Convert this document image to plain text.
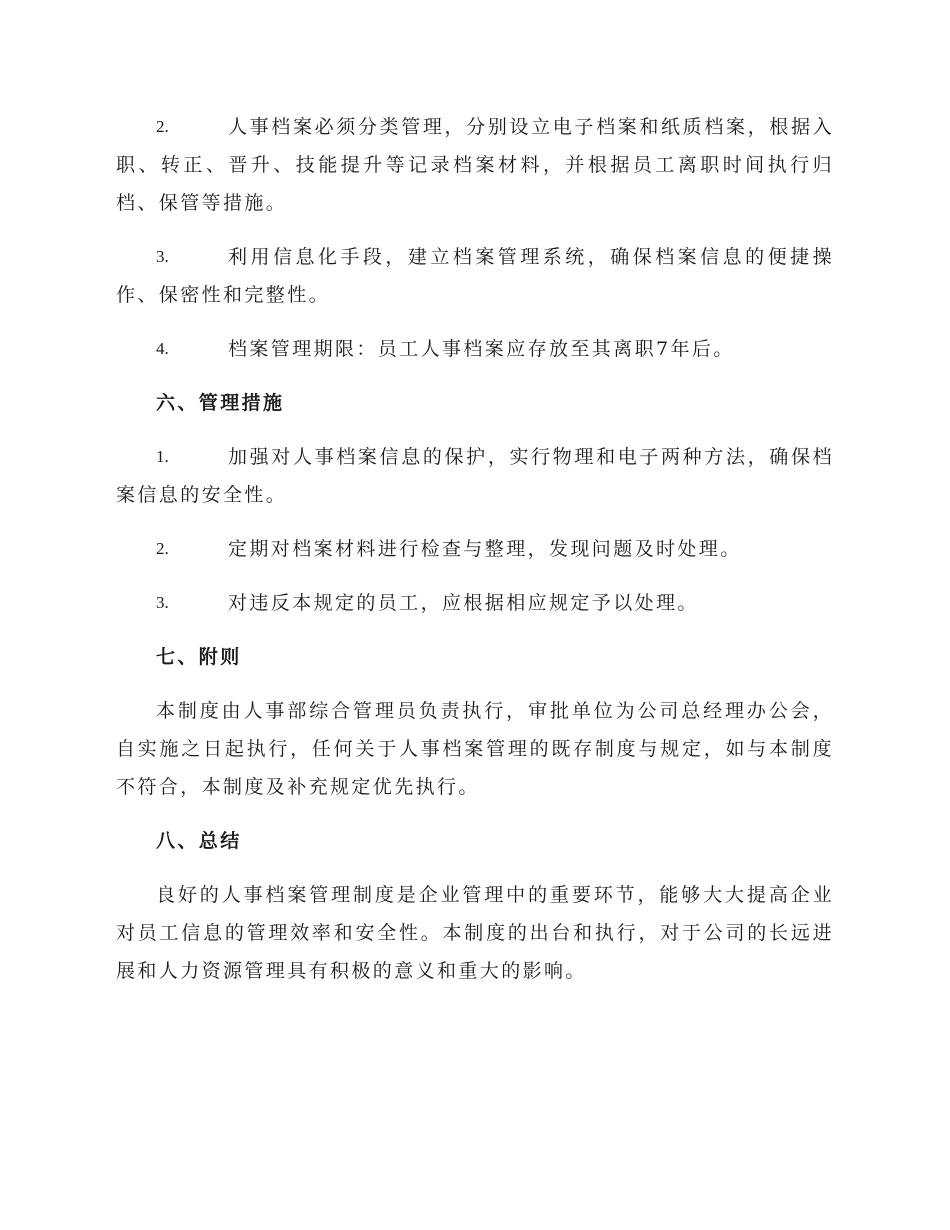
2.	人事档案必须分类管理，分别设立电子档案和纸质档案，根据入职、转正、晋升、技能提升等记录档案材料，并根据员工离职时间执行归档、保管等措施。

3.	利用信息化手段，建立档案管理系统，确保档案信息的便捷操作、保密性和完整性。

4.	档案管理期限：员工人事档案应存放至其离职7年后。

六、管理措施
1.	加强对人事档案信息的保护，实行物理和电子两种方法，确保档案信息的安全性。

2.	定期对档案材料进行检查与整理，发现问题及时处理。

3.	对违反本规定的员工，应根据相应规定予以处理。

七、附则

本制度由人事部综合管理员负责执行，审批单位为公司总经理办公会，自实施之日起执行，任何关于人事档案管理的既存制度与规定，如与本制度不符合，本制度及补充规定优先执行。

八、总结

良好的人事档案管理制度是企业管理中的重要环节，能够大大提高企业对员工信息的管理效率和安全性。本制度的出台和执行，对于公司的长远进展和人力资源管理具有积极的意义和重大的影响。
